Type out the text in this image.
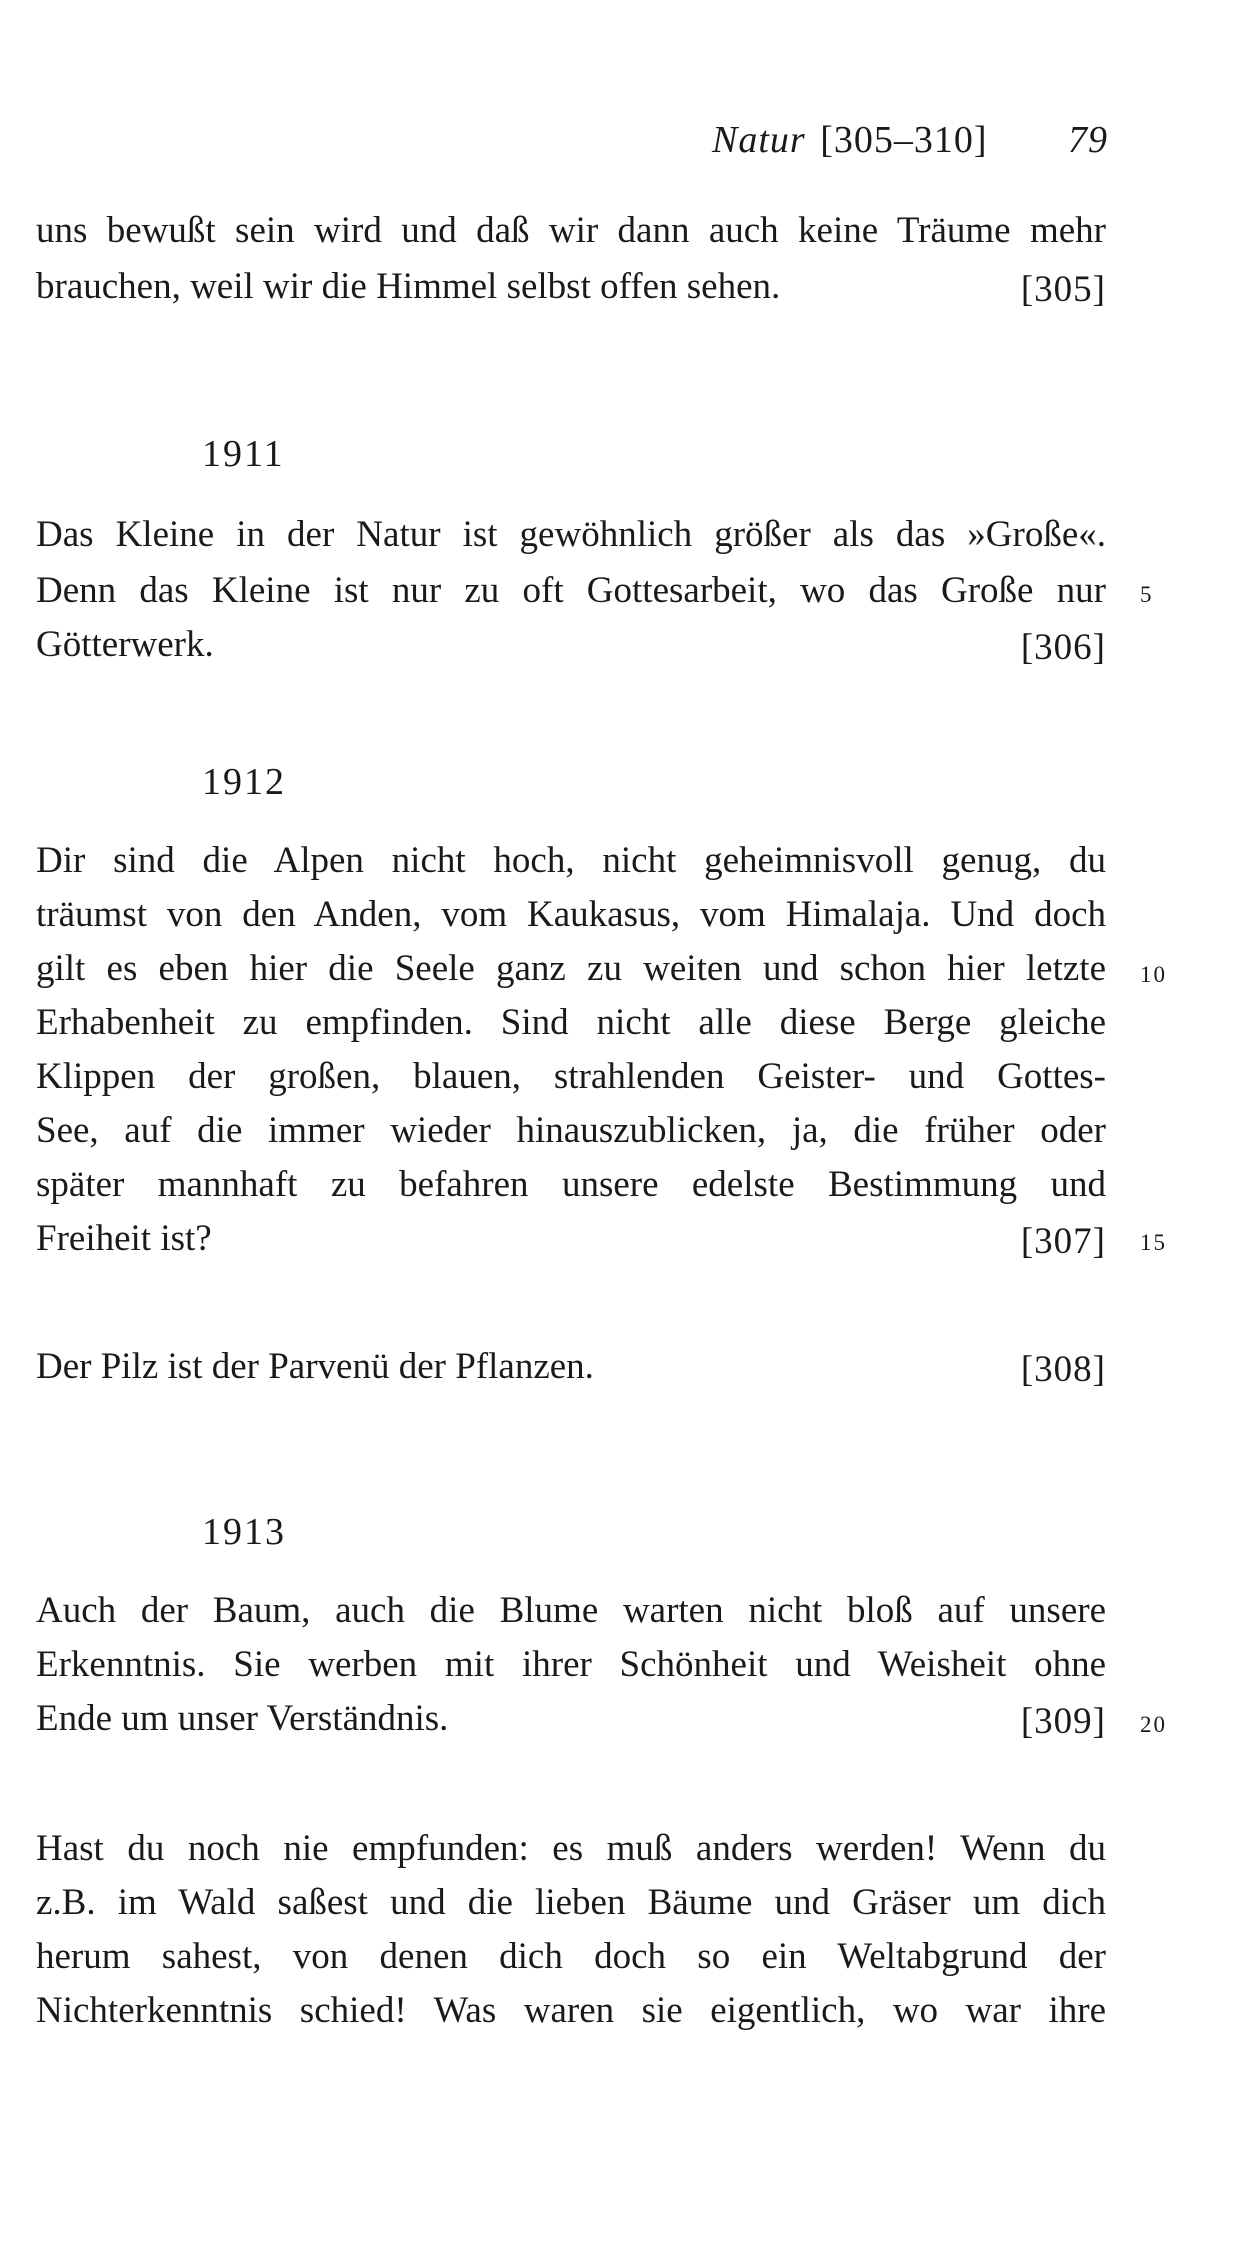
Natur [305–310] 79
uns bewußt sein wird und daß wir dann auch keine Träume mehr
brauchen, weil wir die Himmel selbst offen sehen.	[305]
1911
Das Kleine in der Natur ist gewöhnlich größer als das »Große«.
Denn das Kleine ist nur zu oft Gottesarbeit, wo das Große nur 5
Götterwerk.	[306]
1912
Dir sind die Alpen nicht hoch, nicht geheimnisvoll genug, du
träumst von den Anden, vom Kaukasus, vom Himalaja. Und doch
gilt es eben hier die Seele ganz zu weiten und schon hier letzte 10
Erhabenheit zu empfinden. Sind nicht alle diese Berge gleiche
Klippen der großen, blauen, strahlenden Geister- und Gottes-
See, auf die immer wieder hinauszublicken, ja, die früher oder
später mannhaft zu befahren unsere edelste Bestimmung und
Freiheit ist?	[307] 15
Der Pilz ist der Parvenü der Pflanzen.	[308]
1913
Auch der Baum, auch die Blume warten nicht bloß auf unsere
Erkenntnis. Sie werben mit ihrer Schönheit und Weisheit ohne
Ende um unser Verständnis.	[309] 20
Hast du noch nie empfunden: es muß anders werden! Wenn du
z.B. im Wald saßest und die lieben Bäume und Gräser um dich
herum sahest, von denen dich doch so ein Weltabgrund der
Nichterkenntnis schied! Was waren sie eigentlich, wo war ihre
